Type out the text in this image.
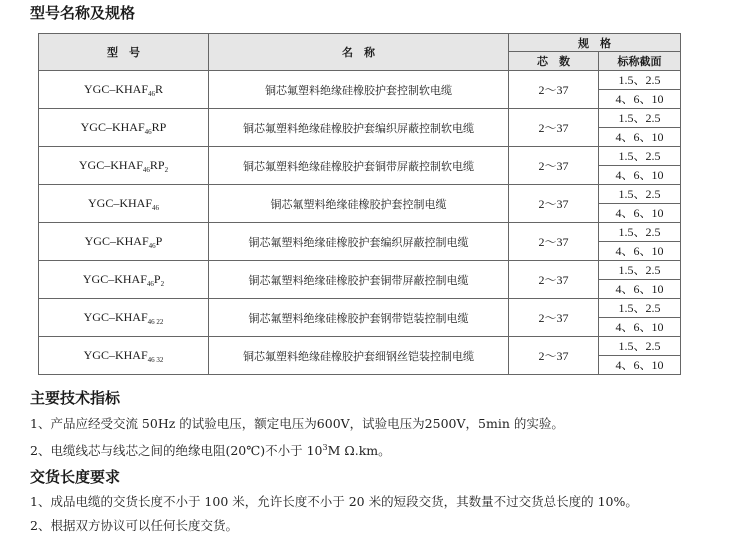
型号名称及规格
型　号	名　称	规　格	
		芯　数	标称截面
YGC–$KHAF_{46}R$	铜芯氟塑料绝缘硅橡胶护套控制软电缆	2～37	1.5、2.5
4、6、10

YGC–$KHAF_{46}RP$	铜芯氟塑料绝缘硅橡胶护套编织屏蔽控制软电缆	2～37	1.5、2.5
4、6、10

YGC–$KHAF_{46}RP_2$	铜芯氟塑料绝缘硅橡胶护套铜带屏蔽控制软电缆	2～37	1.5、2.5
4、6、10

YGC–$KHAF_{46}$	铜芯氟塑料绝缘硅橡胶护套控制电缆	2～37	1.5、2.5
4、6、10

YGC–$KHAF_{46}P$	铜芯氟塑料绝缘硅橡胶护套编织屏蔽控制电缆	2～37	1.5、2.5
4、6、10

YGC–$KHAF_{46}P_2$	铜芯氟塑料绝缘硅橡胶护套铜带屏蔽控制电缆	2～37	1.5、2.5
4、6、10

YGC–$KHAF_{46 22}$	铜芯氟塑料绝缘硅橡胶护套钢带铠装控制电缆	2～37	1.5、2.5
4、6、10

YGC–$KHAF_{46 32}$	铜芯氟塑料绝缘硅橡胶护套细钢丝铠装控制电缆	2～37	1.5、2.5
4、6、10
主要技术指标
1、产品应经受交流 50Hz 的试验电压，额定电压为600V，试验电压为2500V，5min 的实验。
2、电缆线芯与线芯之间的绝缘电阻(20℃)不小于 $10^3M$ Ω.km。
交货长度要求
1、成品电缆的交货长度不小于 100 米，允许长度不小于 20 米的短段交货，其数量不过交货总长度的 10%。
2、根据双方协议可以任何长度交货。
